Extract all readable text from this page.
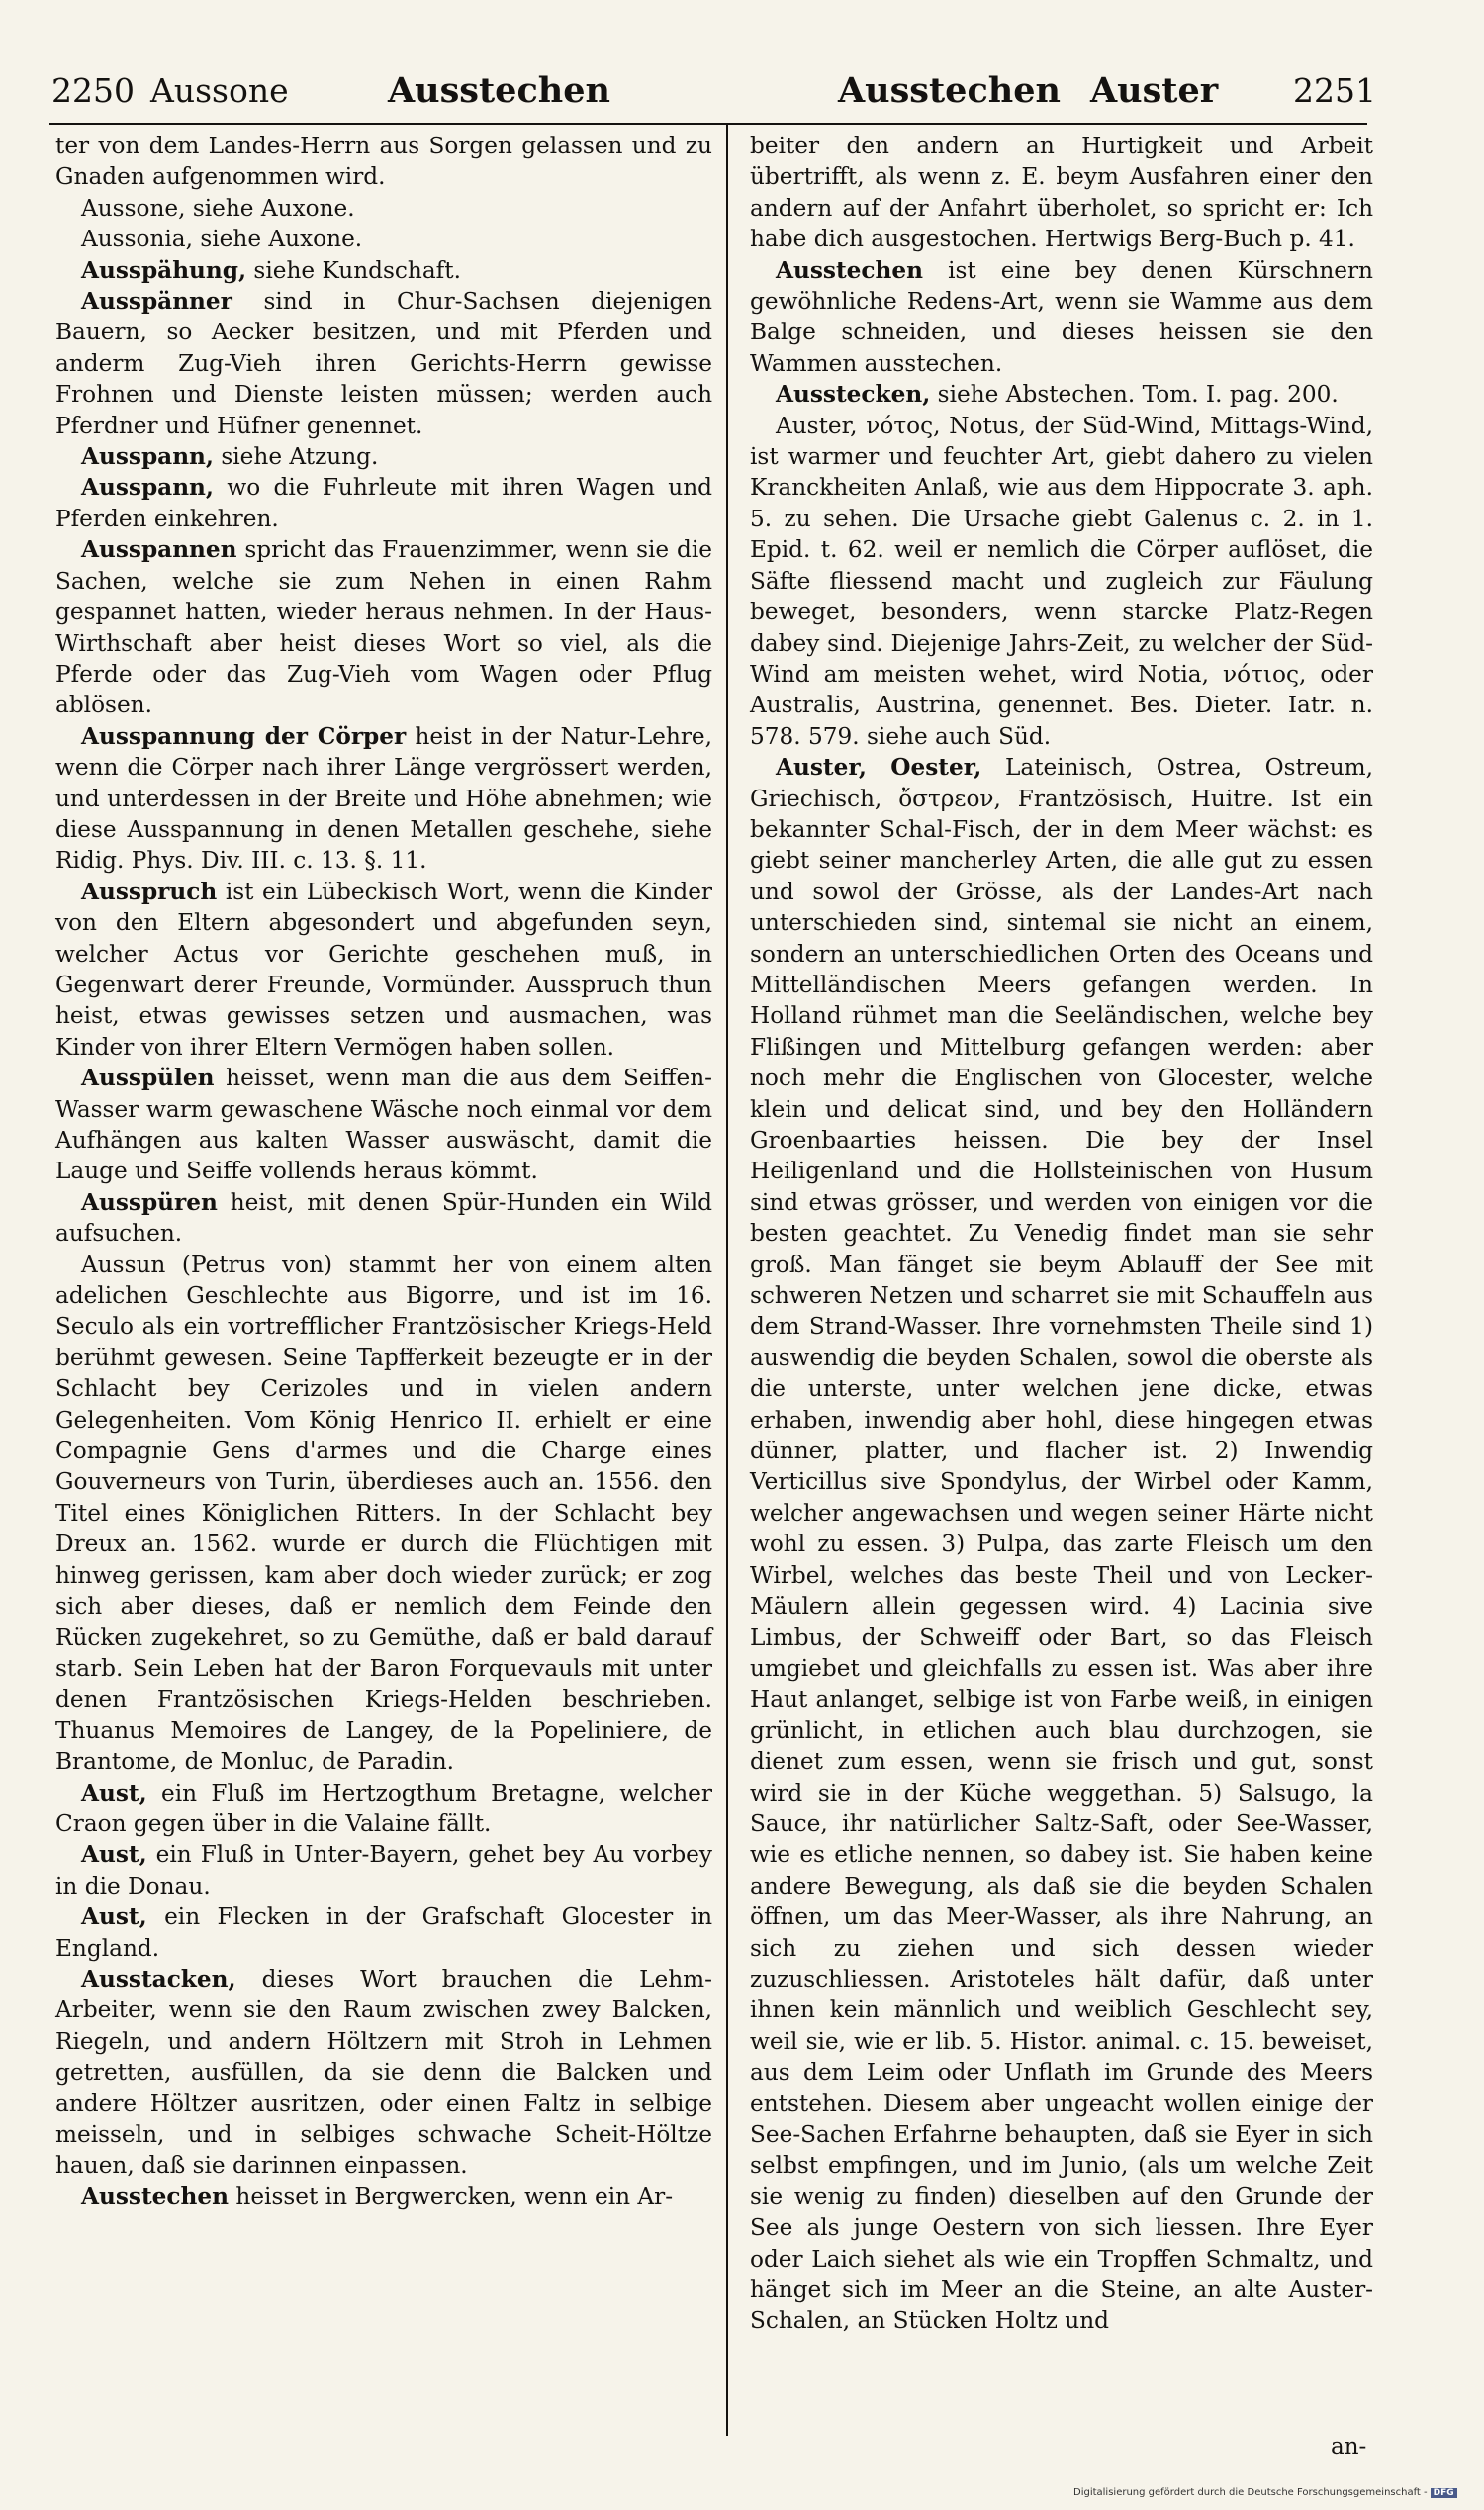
2250 Aussone	Ausstechen	Ausstechen Auster 2251

ter von dem Landes-Herrn aus Sorgen gelassen und zu Gnaden aufgenommen wird.

Aussone, siehe Auxone.

Aussonia, siehe Auxone.

Ausspähung, siehe Kundschaft.

Ausspänner sind in Chur-Sachsen diejenigen Bauern, so Aecker besitzen, und mit Pferden und anderm Zug-Vieh ihren Gerichts-Herrn gewisse Frohnen und Dienste leisten müssen; werden auch Pferdner und Hüfner genennet.

Ausspann, siehe Atzung.

Ausspann, wo die Fuhrleute mit ihren Wagen und Pferden einkehren.

Ausspannen spricht das Frauenzimmer, wenn sie die Sachen, welche sie zum Nehen in einen Rahm gespannet hatten, wieder heraus nehmen. In der Haus-Wirthschaft aber heist dieses Wort so viel, als die Pferde oder das Zug-Vieh vom Wagen oder Pflug ablösen.

Ausspannung der Cörper heist in der Natur-Lehre, wenn die Cörper nach ihrer Länge vergrössert werden, und unterdessen in der Breite und Höhe abnehmen; wie diese Ausspannung in denen Metallen geschehe, siehe Ridig. Phys. Div. III. c. 13. §. 11.

Ausspruch ist ein Lübeckisch Wort, wenn die Kinder von den Eltern abgesondert und abgefunden seyn, welcher Actus vor Gerichte geschehen muß, in Gegenwart derer Freunde, Vormünder. Ausspruch thun heist, etwas gewisses setzen und ausmachen, was Kinder von ihrer Eltern Vermögen haben sollen.

Ausspülen heisset, wenn man die aus dem Seiffen-Wasser warm gewaschene Wäsche noch einmal vor dem Aufhängen aus kalten Wasser auswäscht, damit die Lauge und Seiffe vollends heraus kömmt.

Ausspüren heist, mit denen Spür-Hunden ein Wild aufsuchen.

Aussun (Petrus von) stammt her von einem alten adelichen Geschlechte aus Bigorre, und ist im 16. Seculo als ein vortrefflicher Frantzösischer Kriegs-Held berühmt gewesen. Seine Tapfferkeit bezeugte er in der Schlacht bey Cerizoles und in vielen andern Gelegenheiten. Vom König Henrico II. erhielt er eine Compagnie Gens d'armes und die Charge eines Gouverneurs von Turin, überdieses auch an. 1556. den Titel eines Königlichen Ritters. In der Schlacht bey Dreux an. 1562. wurde er durch die Flüchtigen mit hinweg gerissen, kam aber doch wieder zurück; er zog sich aber dieses, daß er nemlich dem Feinde den Rücken zugekehret, so zu Gemüthe, daß er bald darauf starb. Sein Leben hat der Baron Forquevauls mit unter denen Frantzösischen Kriegs-Helden beschrieben. Thuanus Memoires de Langey, de la Popeliniere, de Brantome, de Monluc, de Paradin.

Aust, ein Fluß im Hertzogthum Bretagne, welcher Craon gegen über in die Valaine fällt.

Aust, ein Fluß in Unter-Bayern, gehet bey Au vorbey in die Donau.

Aust, ein Flecken in der Grafschaft Glocester in England.

Ausstacken, dieses Wort brauchen die Lehm-Arbeiter, wenn sie den Raum zwischen zwey Balcken, Riegeln, und andern Höltzern mit Stroh in Lehmen getretten, ausfüllen, da sie denn die Balcken und andere Höltzer ausritzen, oder einen Faltz in selbige meisseln, und in selbiges schwache Scheit-Höltze hauen, daß sie darinnen einpassen.

Ausstechen heisset in Bergwercken, wenn ein Ar-

beiter den andern an Hurtigkeit und Arbeit übertrifft, als wenn z. E. beym Ausfahren einer den andern auf der Anfahrt überholet, so spricht er: Ich habe dich ausgestochen. Hertwigs Berg-Buch p. 41.

Ausstechen ist eine bey denen Kürschnern gewöhnliche Redens-Art, wenn sie Wamme aus dem Balge schneiden, und dieses heissen sie den Wammen ausstechen.

Ausstecken, siehe Abstechen. Tom. I. pag. 200.

Auster, νότος, Notus, der Süd-Wind, Mittags-Wind, ist warmer und feuchter Art, giebt dahero zu vielen Kranckheiten Anlaß, wie aus dem Hippocrate 3. aph. 5. zu sehen. Die Ursache giebt Galenus c. 2. in 1. Epid. t. 62. weil er nemlich die Cörper auflöset, die Säfte fliessend macht und zugleich zur Fäulung beweget, besonders, wenn starcke Platz-Regen dabey sind. Diejenige Jahrs-Zeit, zu welcher der Süd-Wind am meisten wehet, wird Notia, νότιος, oder Australis, Austrina, genennet. Bes. Dieter. Iatr. n. 578. 579. siehe auch Süd.

Auster, Oester, Lateinisch, Ostrea, Ostreum, Griechisch, ὄστρεον, Frantzösisch, Huitre. Ist ein bekannter Schal-Fisch, der in dem Meer wächst: es giebt seiner mancherley Arten, die alle gut zu essen und sowol der Grösse, als der Landes-Art nach unterschieden sind, sintemal sie nicht an einem, sondern an unterschiedlichen Orten des Oceans und Mittelländischen Meers gefangen werden. In Holland rühmet man die Seeländischen, welche bey Flißingen und Mittelburg gefangen werden: aber noch mehr die Englischen von Glocester, welche klein und delicat sind, und bey den Holländern Groenbaarties heissen. Die bey der Insel Heiligenland und die Hollsteinischen von Husum sind etwas grösser, und werden von einigen vor die besten geachtet. Zu Venedig findet man sie sehr groß. Man fänget sie beym Ablauff der See mit schweren Netzen und scharret sie mit Schauffeln aus dem Strand-Wasser. Ihre vornehmsten Theile sind 1) auswendig die beyden Schalen, sowol die oberste als die unterste, unter welchen jene dicke, etwas erhaben, inwendig aber hohl, diese hingegen etwas dünner, platter, und flacher ist. 2) Inwendig Verticillus sive Spondylus, der Wirbel oder Kamm, welcher angewachsen und wegen seiner Härte nicht wohl zu essen. 3) Pulpa, das zarte Fleisch um den Wirbel, welches das beste Theil und von Lecker-Mäulern allein gegessen wird. 4) Lacinia sive Limbus, der Schweiff oder Bart, so das Fleisch umgiebet und gleichfalls zu essen ist. Was aber ihre Haut anlanget, selbige ist von Farbe weiß, in einigen grünlicht, in etlichen auch blau durchzogen, sie dienet zum essen, wenn sie frisch und gut, sonst wird sie in der Küche weggethan. 5) Salsugo, la Sauce, ihr natürlicher Saltz-Saft, oder See-Wasser, wie es etliche nennen, so dabey ist. Sie haben keine andere Bewegung, als daß sie die beyden Schalen öffnen, um das Meer-Wasser, als ihre Nahrung, an sich zu ziehen und sich dessen wieder zuzuschliessen. Aristoteles hält dafür, daß unter ihnen kein männlich und weiblich Geschlecht sey, weil sie, wie er lib. 5. Histor. animal. c. 15. beweiset, aus dem Leim oder Unflath im Grunde des Meers entstehen. Diesem aber ungeacht wollen einige der See-Sachen Erfahrne behaupten, daß sie Eyer in sich selbst empfingen, und im Junio, (als um welche Zeit sie wenig zu finden) dieselben auf den Grunde der See als junge Oestern von sich liessen. Ihre Eyer oder Laich siehet als wie ein Tropffen Schmaltz, und hänget sich im Meer an die Steine, an alte Auster-Schalen, an Stücken Holtz und

an-
Digitalisierung gefördert durch die Deutsche Forschungsgemeinschaft - DFG
